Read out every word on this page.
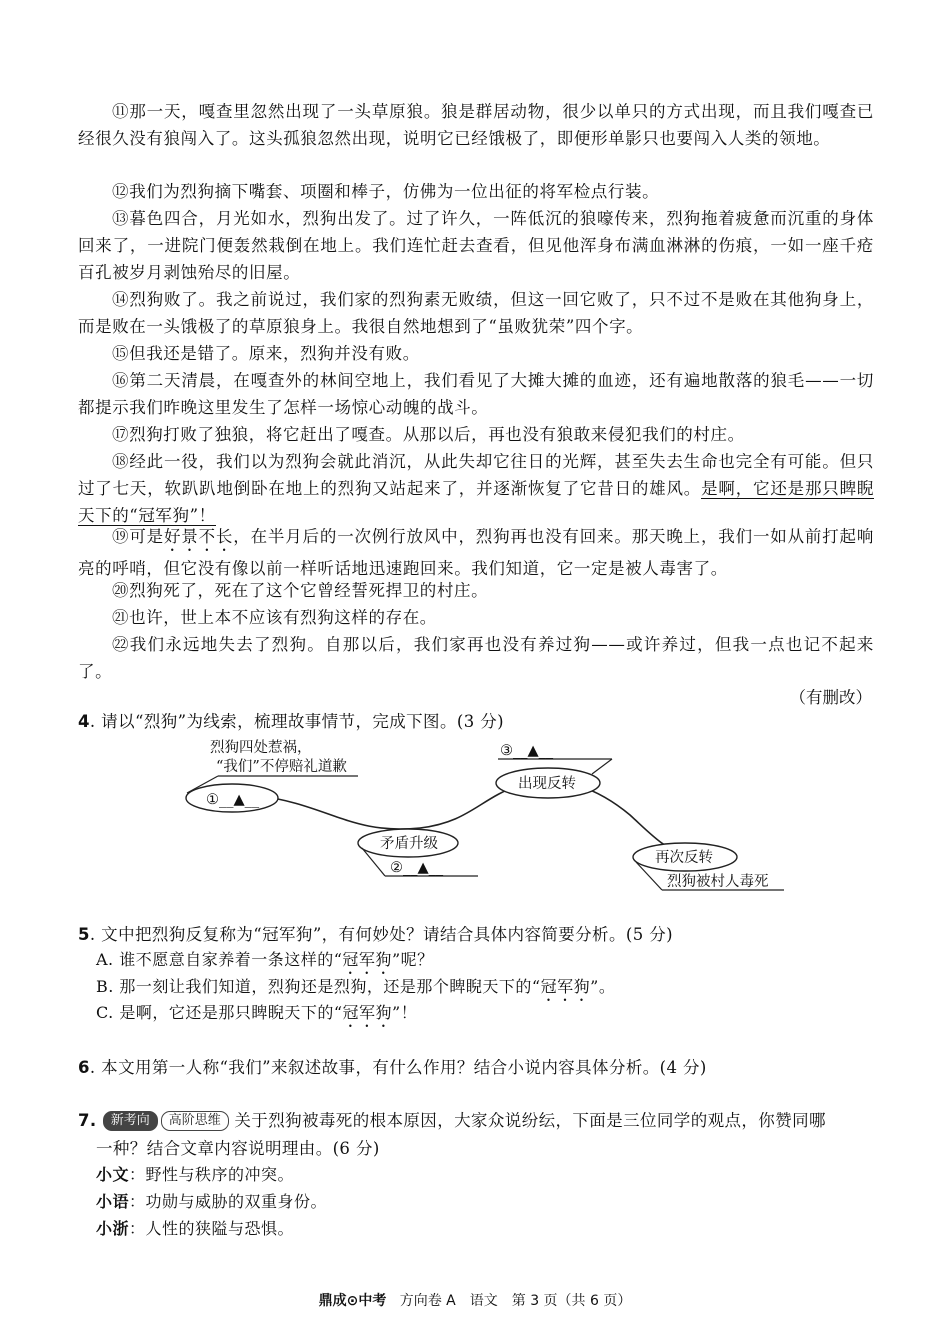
⑪那一天，嘎查里忽然出现了一头草原狼。狼是群居动物，很少以单只的方式出现，而且我们嘎查已经很久没有狼闯入了。这头孤狼忽然出现，说明它已经饿极了，即便形单影只也要闯入人类的领地。

⑫我们为烈狗摘下嘴套、项圈和棒子，仿佛为一位出征的将军检点行装。

⑬暮色四合，月光如水，烈狗出发了。过了许久，一阵低沉的狼嚎传来，烈狗拖着疲惫而沉重的身体回来了，一进院门便轰然栽倒在地上。我们连忙赶去查看，但见他浑身布满血淋淋的伤痕，一如一座千疮百孔被岁月剥蚀殆尽的旧屋。

⑭烈狗败了。我之前说过，我们家的烈狗素无败绩，但这一回它败了，只不过不是败在其他狗身上，而是败在一头饿极了的草原狼身上。我很自然地想到了“虽败犹荣”四个字。

⑮但我还是错了。原来，烈狗并没有败。

⑯第二天清晨，在嘎查外的林间空地上，我们看见了大摊大摊的血迹，还有遍地散落的狼毛——一切都提示我们昨晚这里发生了怎样一场惊心动魄的战斗。

⑰烈狗打败了独狼，将它赶出了嘎查。从那以后，再也没有狼敢来侵犯我们的村庄。

⑱经此一役，我们以为烈狗会就此消沉，从此失却它往日的光辉，甚至失去生命也完全有可能。但只过了七天，软趴趴地倒卧在地上的烈狗又站起来了，并逐渐恢复了它昔日的雄风。是啊，它还是那只睥睨天下的“冠军狗”！

⑲可是好景不长，在半月后的一次例行放风中，烈狗再也没有回来。那天晚上，我们一如从前打起响亮的呼哨，但它没有像以前一样听话地迅速跑回来。我们知道，它一定是被人毒害了。

⑳烈狗死了，死在了这个它曾经誓死捍卫的村庄。

㉑也许，世上本不应该有烈狗这样的存在。

㉒我们永远地失去了烈狗。自那以后，我们家再也没有养过狗——或许养过，但我一点也记不起来了。

（有删改）

4. 请以“烈狗”为线索，梳理故事情节，完成下图。(3 分)

烈狗四处惹祸，
“我们”不停赔礼道歉
①__▲__
矛盾升级
②__▲__
③__▲__
出现反转
再次反转
烈狗被村人毒死

5. 文中把烈狗反复称为“冠军狗”，有何妙处？请结合具体内容简要分析。(5 分)

A. 谁不愿意自家养着一条这样的“冠军狗”呢？
B. 那一刻让我们知道，烈狗还是烈狗，还是那个睥睨天下的“冠军狗”。
C. 是啊，它还是那只睥睨天下的“冠军狗”！

6. 本文用第一人称“我们”来叙述故事，有什么作用？结合小说内容具体分析。(4 分)

7. 新考向 高阶思维 关于烈狗被毒死的根本原因，大家众说纷纭，下面是三位同学的观点，你赞同哪

一种？结合文章内容说明理由。(6 分)

小文：野性与秩序的冲突。
小语：功勋与威胁的双重身份。
小浙：人性的狭隘与恐惧。
鼎成⊙中考 方向卷 A　语文　第 3 页（共 6 页）
